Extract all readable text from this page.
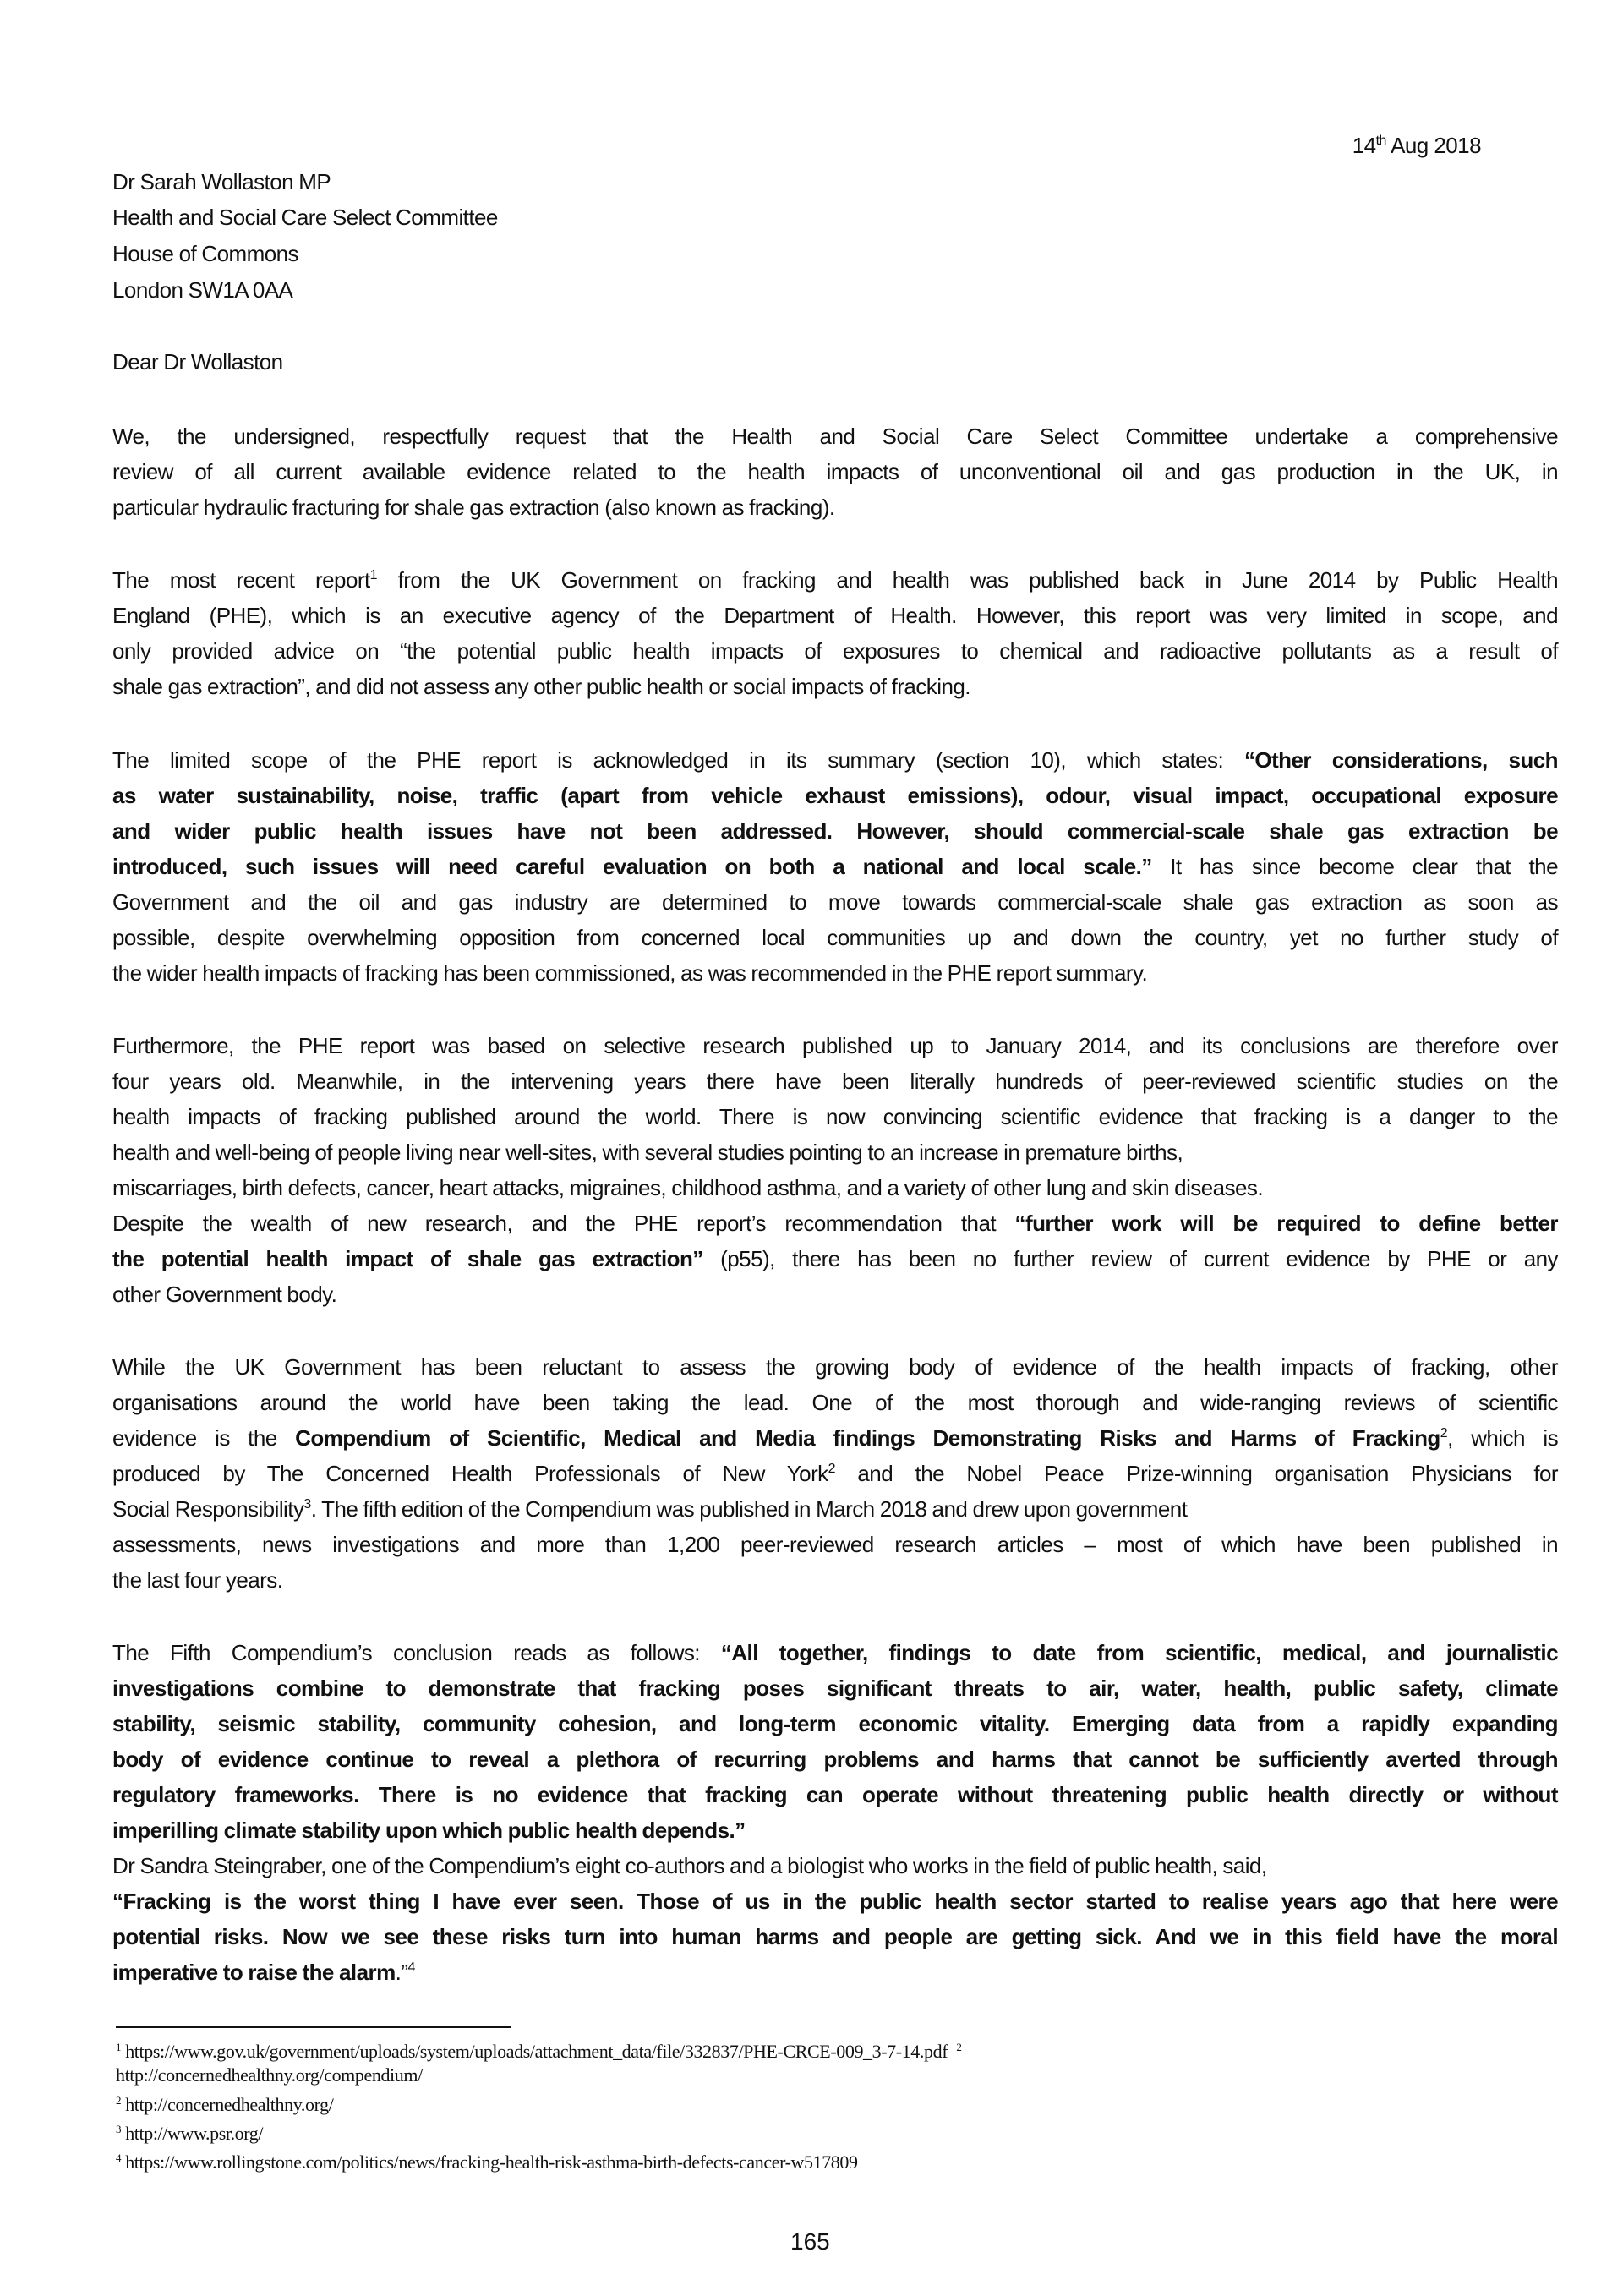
14th Aug 2018
Dr Sarah Wollaston MP
Health and Social Care Select Committee
House of Commons
London SW1A 0AA
Dear Dr Wollaston
We, the undersigned, respectfully request that the Health and Social Care Select Committee undertake a comprehensive
review of all current available evidence related to the health impacts of unconventional oil and gas production in the UK, in
particular hydraulic fracturing for shale gas extraction (also known as fracking).
The most recent report$^1$ from the UK Government on fracking and health was published back in June 2014 by Public Health
England (PHE), which is an executive agency of the Department of Health. However, this report was very limited in scope, and
only provided advice on “the potential public health impacts of exposures to chemical and radioactive pollutants as a result of
shale gas extraction”, and did not assess any other public health or social impacts of fracking.
The limited scope of the PHE report is acknowledged in its summary (section 10), which states: “Other considerations, such
as water sustainability, noise, traffic (apart from vehicle exhaust emissions), odour, visual impact, occupational exposure
and wider public health issues have not been addressed. However, should commercial-scale shale gas extraction be
introduced, such issues will need careful evaluation on both a national and local scale.” It has since become clear that the
Government and the oil and gas industry are determined to move towards commercial-scale shale gas extraction as soon as
possible, despite overwhelming opposition from concerned local communities up and down the country, yet no further study of
the wider health impacts of fracking has been commissioned, as was recommended in the PHE report summary.
Furthermore, the PHE report was based on selective research published up to January 2014, and its conclusions are therefore over
four years old. Meanwhile, in the intervening years there have been literally hundreds of peer-reviewed scientific studies on the
health impacts of fracking published around the world. There is now convincing scientific evidence that fracking is a danger to the
health and well-being of people living near well-sites, with several studies pointing to an increase in premature births,
miscarriages, birth defects, cancer, heart attacks, migraines, childhood asthma, and a variety of other lung and skin diseases.
Despite the wealth of new research, and the PHE report’s recommendation that “further work will be required to define better
the potential health impact of shale gas extraction” (p55), there has been no further review of current evidence by PHE or any
other Government body.
While the UK Government has been reluctant to assess the growing body of evidence of the health impacts of fracking, other
organisations around the world have been taking the lead. One of the most thorough and wide-ranging reviews of scientific
evidence is the Compendium of Scientific, Medical and Media findings Demonstrating Risks and Harms of Fracking$^2$, which is
produced by The Concerned Health Professionals of New York$^2$ and the Nobel Peace Prize-winning organisation Physicians for
Social Responsibility$^3$. The fifth edition of the Compendium was published in March 2018 and drew upon government
assessments, news investigations and more than 1,200 peer-reviewed research articles – most of which have been published in
the last four years.
The Fifth Compendium’s conclusion reads as follows: “All together, findings to date from scientific, medical, and journalistic
investigations combine to demonstrate that fracking poses significant threats to air, water, health, public safety, climate
stability, seismic stability, community cohesion, and long-term economic vitality. Emerging data from a rapidly expanding
body of evidence continue to reveal a plethora of recurring problems and harms that cannot be sufficiently averted through
regulatory frameworks. There is no evidence that fracking can operate without threatening public health directly or without
imperilling climate stability upon which public health depends.”
Dr Sandra Steingraber, one of the Compendium’s eight co-authors and a biologist who works in the field of public health, said,
“Fracking is the worst thing I have ever seen. Those of us in the public health sector started to realise years ago that here were
potential risks. Now we see these risks turn into human harms and people are getting sick. And we in this field have the moral
imperative to raise the alarm.”$^4$
$^1$ https://www.gov.uk/government/uploads/system/uploads/attachment_data/file/332837/PHE-CRCE-009_3-7-14.pdf $^2$
http://concernedhealthny.org/compendium/
$^2$ http://concernedhealthny.org/
$^3$ http://www.psr.org/
$^4$ https://www.rollingstone.com/politics/news/fracking-health-risk-asthma-birth-defects-cancer-w517809
165
